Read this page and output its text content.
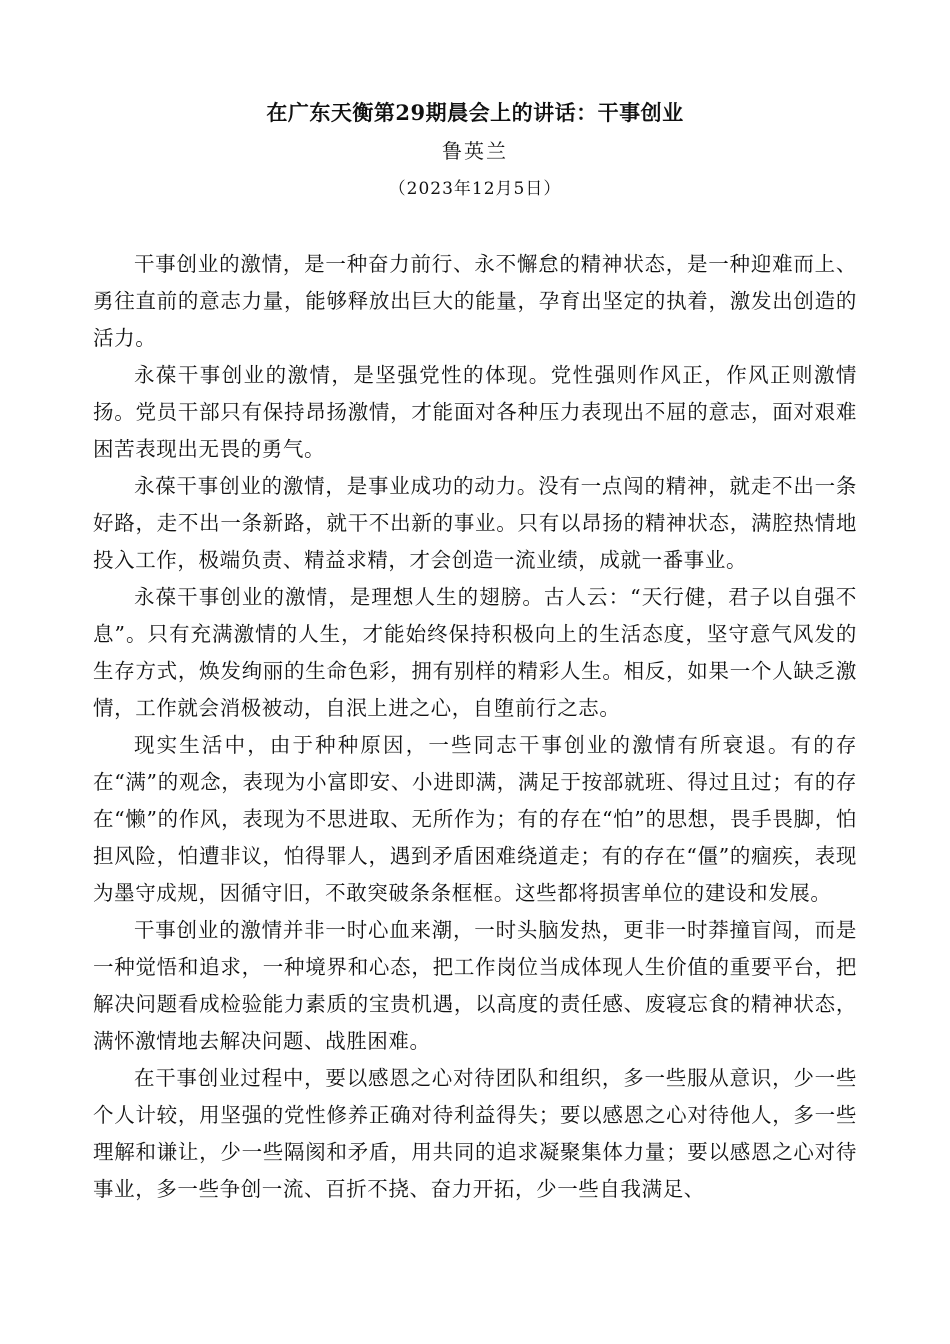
在广东天衡第29期晨会上的讲话：干事创业
鲁英兰
（2023年12月5日）

干事创业的激情，是一种奋力前行、永不懈怠的精神状态，是一种迎难而上、勇往直前的意志力量，能够释放出巨大的能量，孕育出坚定的执着，激发出创造的活力。

永葆干事创业的激情，是坚强党性的体现。党性强则作风正，作风正则激情扬。党员干部只有保持昂扬激情，才能面对各种压力表现出不屈的意志，面对艰难困苦表现出无畏的勇气。

永葆干事创业的激情，是事业成功的动力。没有一点闯的精神，就走不出一条好路，走不出一条新路，就干不出新的事业。只有以昂扬的精神状态，满腔热情地投入工作，极端负责、精益求精，才会创造一流业绩，成就一番事业。

永葆干事创业的激情，是理想人生的翅膀。古人云：“天行健，君子以自强不息”。只有充满激情的人生，才能始终保持积极向上的生活态度，坚守意气风发的生存方式，焕发绚丽的生命色彩，拥有别样的精彩人生。相反，如果一个人缺乏激情，工作就会消极被动，自泯上进之心，自堕前行之志。

现实生活中，由于种种原因，一些同志干事创业的激情有所衰退。有的存在“满”的观念，表现为小富即安、小进即满，满足于按部就班、得过且过；有的存在“懒”的作风，表现为不思进取、无所作为；有的存在“怕”的思想，畏手畏脚，怕担风险，怕遭非议，怕得罪人，遇到矛盾困难绕道走；有的存在“僵”的痼疾，表现为墨守成规，因循守旧，不敢突破条条框框。这些都将损害单位的建设和发展。

干事创业的激情并非一时心血来潮，一时头脑发热，更非一时莽撞盲闯，而是一种觉悟和追求，一种境界和心态，把工作岗位当成体现人生价值的重要平台，把解决问题看成检验能力素质的宝贵机遇，以高度的责任感、废寝忘食的精神状态，满怀激情地去解决问题、战胜困难。

在干事创业过程中，要以感恩之心对待团队和组织，多一些服从意识，少一些个人计较，用坚强的党性修养正确对待利益得失；要以感恩之心对待他人，多一些理解和谦让，少一些隔阂和矛盾，用共同的追求凝聚集体力量；要以感恩之心对待事业，多一些争创一流、百折不挠、奋力开拓，少一些自我满足、
